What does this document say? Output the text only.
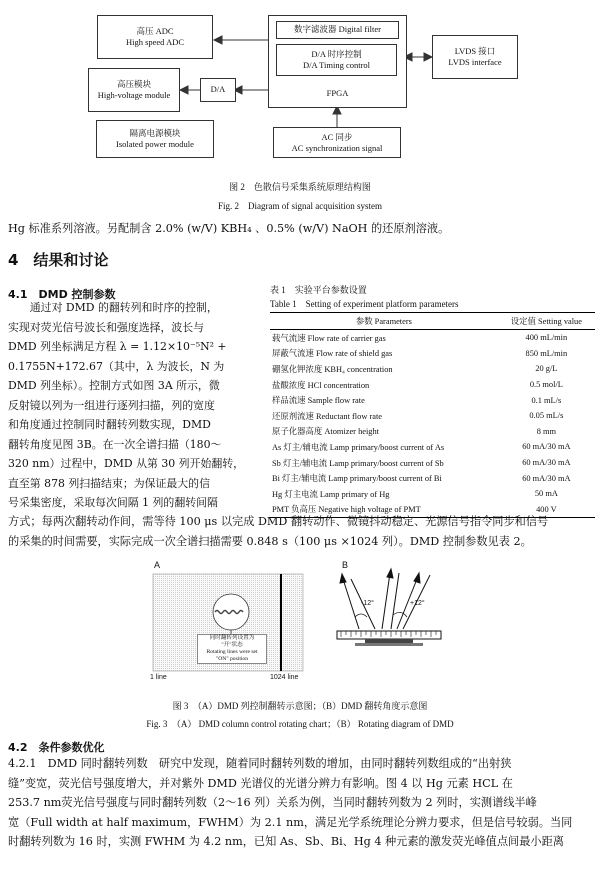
高压 ADC
High speed ADC
高压模块
High-voltage module
D/A
隔离电源模块
Isolated power module
数字滤波器 Digital filter
D/A 时序控制
D/A Timing control
FPGA
LVDS 接口
LVDS interface
AC 同步
AC synchronization signal
图 2　色散信号采集系统原理结构图
Fig. 2　Diagram of signal acquisition system
Hg 标准系列溶液。另配制含 2.0% (w/V) KBH₄ 、0.5% (w/V) NaOH 的还原剂溶液。
4　结果和讨论
4.1　DMD 控制参数
　　通过对 DMD 的翻转列和时序的控制，
实现对荧光信号波长和强度选择，波长与
DMD 列坐标满足方程 λ = 1.12×10⁻⁵N² +
0.1755N+172.67（其中，λ 为波长，N 为
DMD 列坐标）。控制方式如图 3A 所示，微
反射镜以列为一组进行逐列扫描，列的宽度
和角度通过控制同时翻转列数实现，DMD
翻转角度见图 3B。在一次全谱扫描（180～
320 nm）过程中，DMD 从第 30 列开始翻转，
直至第 878 列扫描结束；为保证最大的信
号采集密度，采取每次间隔 1 列的翻转间隔
表 1　实验平台参数设置
Table 1　Setting of experiment platform parameters
参数 Parameters	设定值 Setting value
载气流速 Flow rate of carrier gas	400 mL/min
屏蔽气流速 Flow rate of shield gas	850 mL/min
硼氢化钾浓度 KBH₄ concentration	20 g/L
盐酸浓度 HCl concentration	0.5 mol/L
样品流速 Sample flow rate	0.1 mL/s
还原剂流速 Reductant flow rate	0.05 mL/s
原子化器高度 Atomizer height	8 mm
As 灯主/辅电流 Lamp primary/boost current of As	60 mA/30 mA
Sb 灯主/辅电流 Lamp primary/boost current of Sb	60 mA/30 mA
Bi 灯主/辅电流 Lamp primary/boost current of Bi	60 mA/30 mA
Hg 灯主电流 Lamp primary of Hg	50 mA
PMT 负高压 Negative high voltage of PMT	400 V
方式；每两次翻转动作间，需等待 100 μs 以完成 DMD 翻转动作、微镜抖动稳定、光源信号指令同步和信号
的采集的时间需要，实际完成一次全谱扫描需要 0.848 s（100 μs ×1024 列）。DMD 控制参数见表 2。
A	B
同时翻转列设置为
"开"状态
Rotating lines were set
"ON" position
1 line	1024 line
-12°	+12°
图 3　（A）DMD 列控制翻转示意图；（B）DMD 翻转角度示意图
Fig. 3　（A） DMD column control rotating chart；（B） Rotating diagram of DMD
4.2　条件参数优化
4.2.1　DMD 同时翻转列数　研究中发现，随着同时翻转列数的增加，由同时翻转列数组成的“出射狭
缝”变宽，荧光信号强度增大，并对紫外 DMD 光谱仪的光谱分辨力有影响。图 4 以 Hg 元素 HCL 在
253.7 nm荧光信号强度与同时翻转列数（2～16 列）关系为例，当同时翻转列数为 2 列时，实测谱线半峰
宽（Full width at half maximum，FWHM）为 2.1 nm，满足光学系统理论分辨力要求，但是信号较弱。当同
时翻转列数为 16 时，实测 FWHM 为 4.2 nm，已知 As、Sb、Bi、Hg 4 种元素的激发荧光峰值点间最小距离
